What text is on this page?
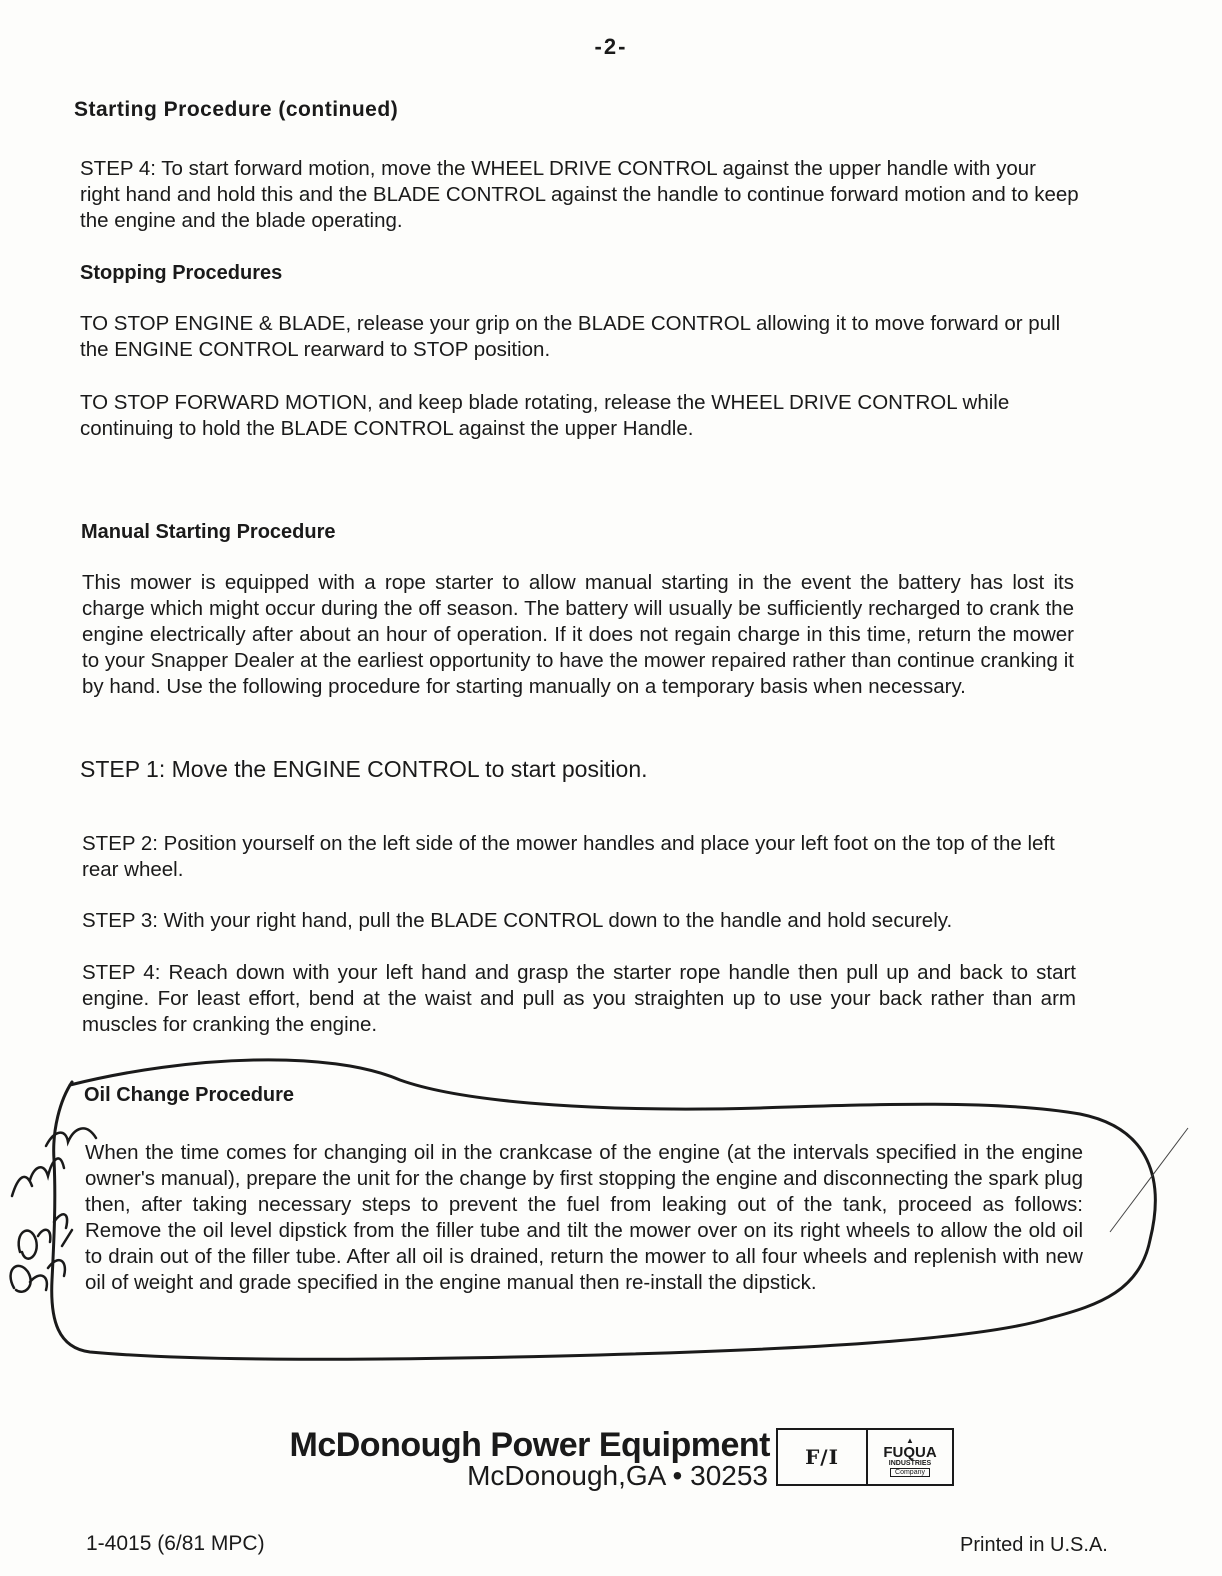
-2-
Starting Procedure (continued)

STEP 4: To start forward motion, move the WHEEL DRIVE CONTROL against the upper handle with your right hand and hold this and the BLADE CONTROL against the handle to continue forward motion and to keep the engine and the blade operating.

Stopping Procedures

TO STOP ENGINE & BLADE, release your grip on the BLADE CONTROL allowing it to move forward or pull the ENGINE CONTROL rearward to STOP position.

TO STOP FORWARD MOTION, and keep blade rotating, release the WHEEL DRIVE CONTROL while continuing to hold the BLADE CONTROL against the upper Handle.

Manual Starting Procedure

This mower is equipped with a rope starter to allow manual starting in the event the battery has lost its charge which might occur during the off season. The battery will usually be sufficiently recharged to crank the engine electrically after about an hour of operation. If it does not regain charge in this time, return the mower to your Snapper Dealer at the earliest opportunity to have the mower repaired rather than continue cranking it by hand. Use the following procedure for starting manually on a temporary basis when necessary.

STEP 1: Move the ENGINE CONTROL to start position.

STEP 2: Position yourself on the left side of the mower handles and place your left foot on the top of the left rear wheel.

STEP 3: With your right hand, pull the BLADE CONTROL down to the handle and hold securely.

STEP 4: Reach down with your left hand and grasp the starter rope handle then pull up and back to start engine. For least effort, bend at the waist and pull as you straighten up to use your back rather than arm muscles for cranking the engine.

Oil Change Procedure

When the time comes for changing oil in the crankcase of the engine (at the intervals specified in the engine owner's manual), prepare the unit for the change by first stopping the engine and disconnecting the spark plug then, after taking necessary steps to prevent the fuel from leaking out of the tank, proceed as follows: Remove the oil level dipstick from the filler tube and tilt the mower over on its right wheels to allow the old oil to drain out of the filler tube. After all oil is drained, return the mower to all four wheels and replenish with new oil of weight and grade specified in the engine manual then re-install the dipstick.

McDonough Power Equipment
McDonough,GA • 30253
F/I
▲
FUQUA
INDUSTRIES
Company
1-4015 (6/81 MPC)	Printed in U.S.A.
